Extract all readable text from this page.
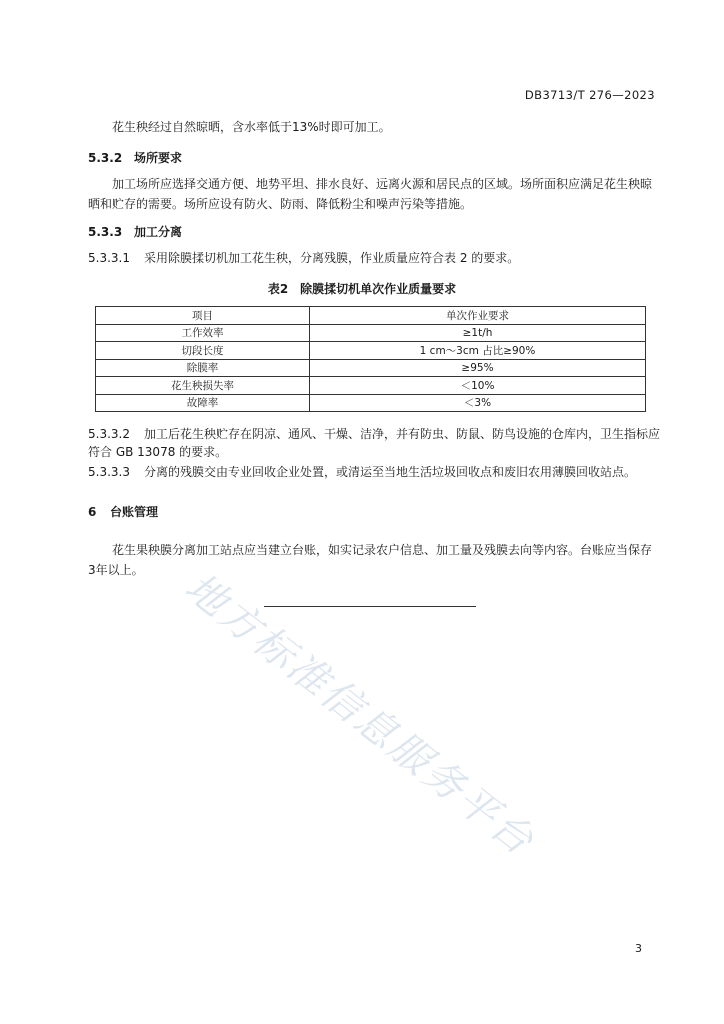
DB3713/T 276—2023
花生秧经过自然晾晒，含水率低于13%时即可加工。
5.3.2 场所要求
加工场所应选择交通方便、地势平坦、排水良好、远离火源和居民点的区域。场所面积应满足花生秧晾晒和贮存的需要。场所应设有防火、防雨、降低粉尘和噪声污染等措施。
5.3.3 加工分离
5.3.3.1 采用除膜揉切机加工花生秧，分离残膜，作业质量应符合表 2 的要求。
表2　除膜揉切机单次作业质量要求
项目	单次作业要求
工作效率	≥1t/h
切段长度	1 cm～3cm 占比≥90%
除膜率	≥95%
花生秧损失率	＜10%
故障率	＜3%
5.3.3.2 加工后花生秧贮存在阴凉、通风、干燥、洁净，并有防虫、防鼠、防鸟设施的仓库内，卫生指标应符合 GB 13078 的要求。
5.3.3.3 分离的残膜交由专业回收企业处置，或清运至当地生活垃圾回收点和废旧农用薄膜回收站点。
6 台账管理
花生果秧膜分离加工站点应当建立台账，如实记录农户信息、加工量及残膜去向等内容。台账应当保存3年以上。 地方标准信息服务平台
3
